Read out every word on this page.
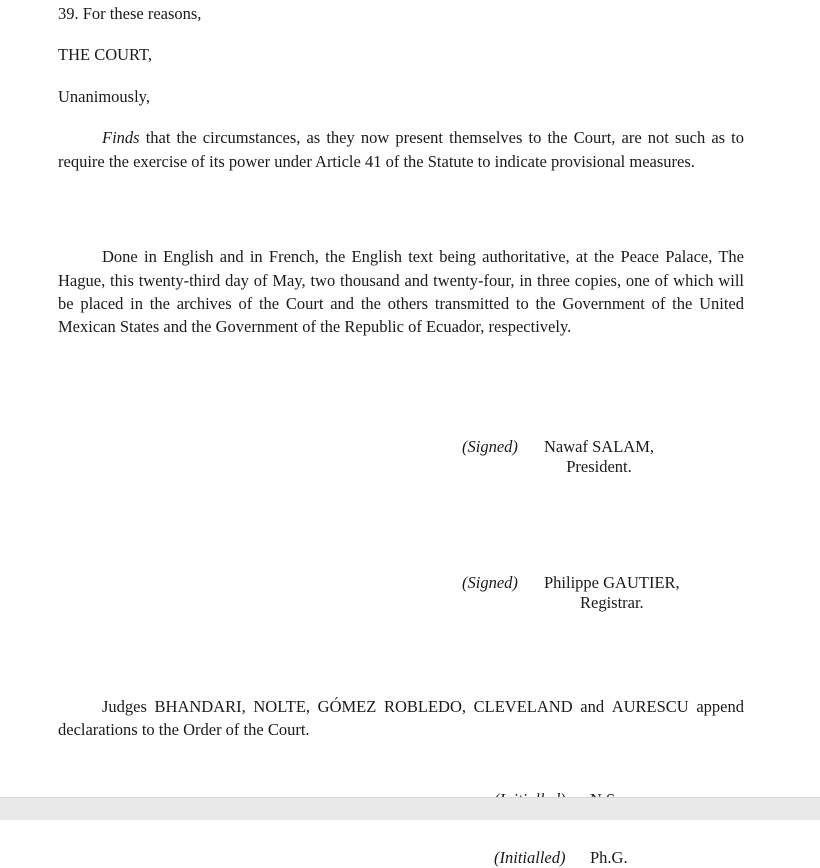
39. For these reasons,

THE COURT,

Unanimously,

Finds that the circumstances, as they now present themselves to the Court, are not such as to require the exercise of its power under Article 41 of the Statute to indicate provisional measures.

Done in English and in French, the English text being authoritative, at the Peace Palace, The Hague, this twenty-third day of May, two thousand and twenty-four, in three copies, one of which will be placed in the archives of the Court and the others transmitted to the Government of the United Mexican States and the Government of the Republic of Ecuador, respectively.

(Signed)	Nawaf SALAM,
President.
(Signed)	Philippe GAUTIER,
Registrar.

Judges BHANDARI, NOLTE, GÓMEZ ROBLEDO, CLEVELAND and AURESCU append declarations to the Order of the Court.

(Initialled)	Ph.G.
